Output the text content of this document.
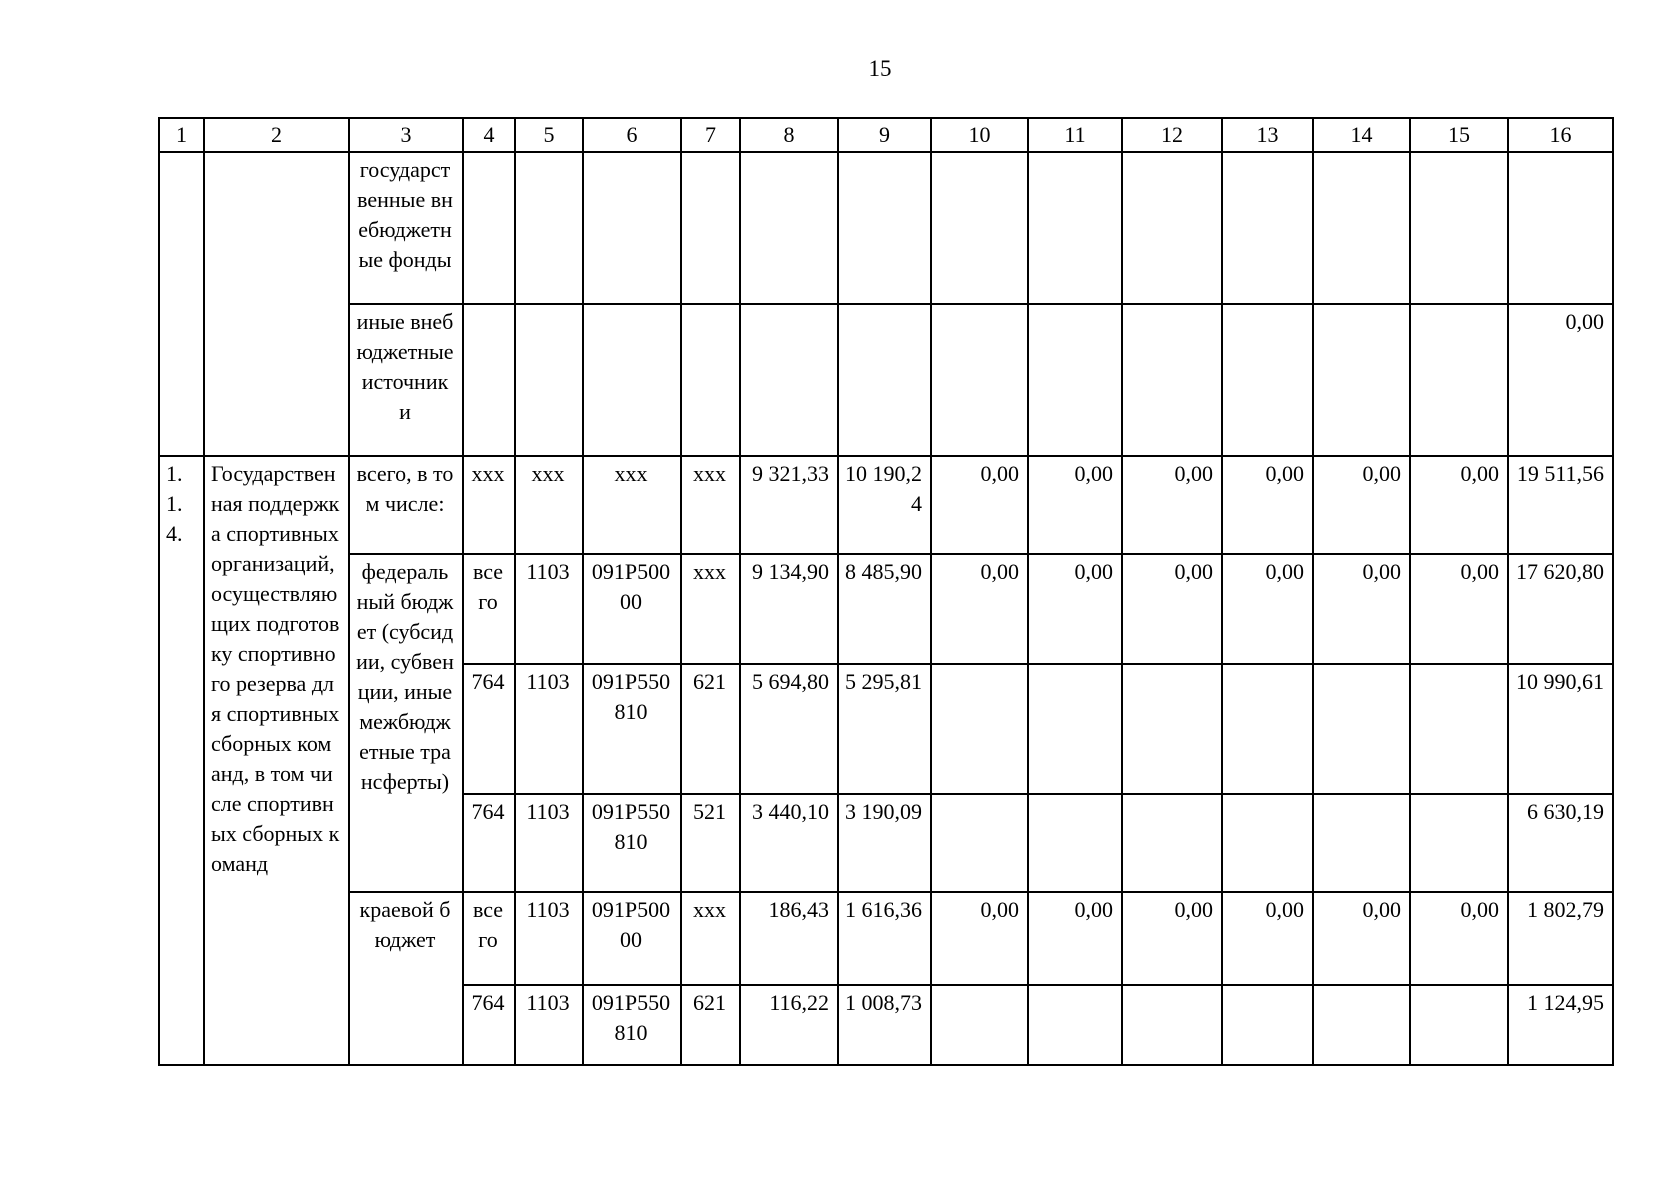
15
1	2	3	4	5	6	7	8	9	10	11	12	13	14	15	16
		государственные внебюджетные фонды													
		иные внебюджетные источники													0,00
1.1.4.	Государственная поддержка спортивных организаций, осуществляющих подготовку спортивного резерва для спортивных сборных команд, в том числе спортивных сборных команд	всего, в том числе:	xxx	xxx	xxx	xxx	9 321,33	10 190,24	0,00	0,00	0,00	0,00	0,00	0,00	19 511,56
		федеральный бюджет (субсидии, субвенции, иные межбюджетные трансферты)	всего	1103	091P50000	xxx	9 134,90	8 485,90	0,00	0,00	0,00	0,00	0,00	0,00	17 620,80
			764	1103	091P550810	621	5 694,80	5 295,81							10 990,61
			764	1103	091P550810	521	3 440,10	3 190,09							6 630,19
		краевой бюджет	всего	1103	091P50000	xxx	186,43	1 616,36	0,00	0,00	0,00	0,00	0,00	0,00	1 802,79
			764	1103	091P550810	621	116,22	1 008,73							1 124,95
